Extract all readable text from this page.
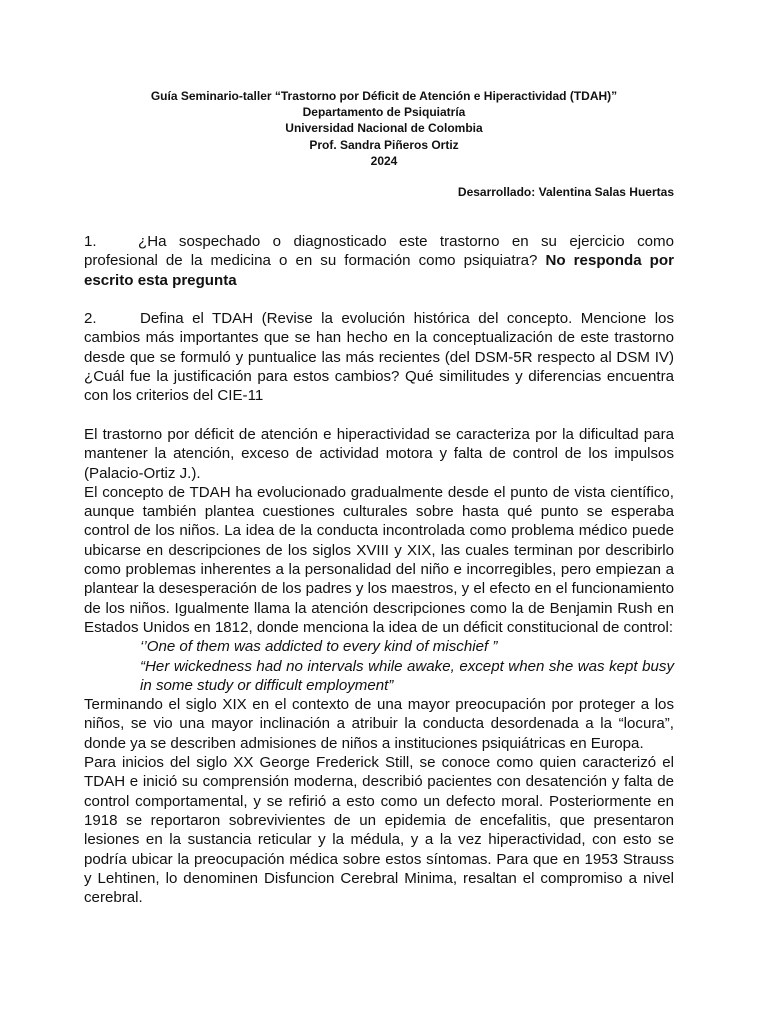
Guía Seminario-taller “Trastorno por Déficit de Atención e Hiperactividad (TDAH)”
Departamento de Psiquiatría
Universidad Nacional de Colombia
Prof. Sandra Piñeros Ortiz
2024
Desarrollado: Valentina Salas Huertas

1.	¿Ha sospechado o diagnosticado este trastorno en su ejercicio como profesional de la medicina o en su formación como psiquiatra? No responda por escrito esta pregunta

2.	Defina el TDAH (Revise la evolución histórica del concepto. Mencione los cambios más importantes que se han hecho en la conceptualización de este trastorno desde que se formuló y puntualice las más recientes (del DSM-5R respecto al DSM IV) ¿Cuál fue la justificación para estos cambios? Qué similitudes y diferencias encuentra con los criterios del CIE-11

El trastorno por déficit de atención e hiperactividad se caracteriza por la dificultad para mantener la atención, exceso de actividad motora y falta de control de los impulsos (Palacio-Ortiz J.).

El concepto de TDAH ha evolucionado gradualmente desde el punto de vista científico, aunque también plantea cuestiones culturales sobre hasta qué punto se esperaba control de los niños. La idea de la conducta incontrolada como problema médico puede ubicarse en descripciones de los siglos XVIII y XIX, las cuales terminan por describirlo como problemas inherentes a la personalidad del niño e incorregibles, pero empiezan a plantear la desesperación de los padres y los maestros, y el efecto en el funcionamiento de los niños. Igualmente llama la atención descripciones como la de Benjamin Rush en Estados Unidos en 1812, donde menciona la idea de un déficit constitucional de control:

‘’One of them was addicted to every kind of mischief ”

“Her wickedness had no intervals while awake, except when she was kept busy in some study or difficult employment”

Terminando el siglo XIX en el contexto de una mayor preocupación por proteger a los niños, se vio una mayor inclinación a atribuir la conducta desordenada a la “locura”, donde ya se describen admisiones de niños a instituciones psiquiátricas en Europa.

Para inicios del siglo XX George Frederick Still, se conoce como quien caracterizó el TDAH e inició su comprensión moderna, describió pacientes con desatención y falta de control comportamental, y se refirió a esto como un defecto moral. Posteriormente en 1918 se reportaron sobrevivientes de un epidemia de encefalitis, que presentaron lesiones en la sustancia reticular y la médula, y a la vez hiperactividad, con esto se podría ubicar la preocupación médica sobre estos síntomas. Para que en 1953 Strauss y Lehtinen, lo denominen Disfuncion Cerebral Minima, resaltan el compromiso a nivel cerebral.
